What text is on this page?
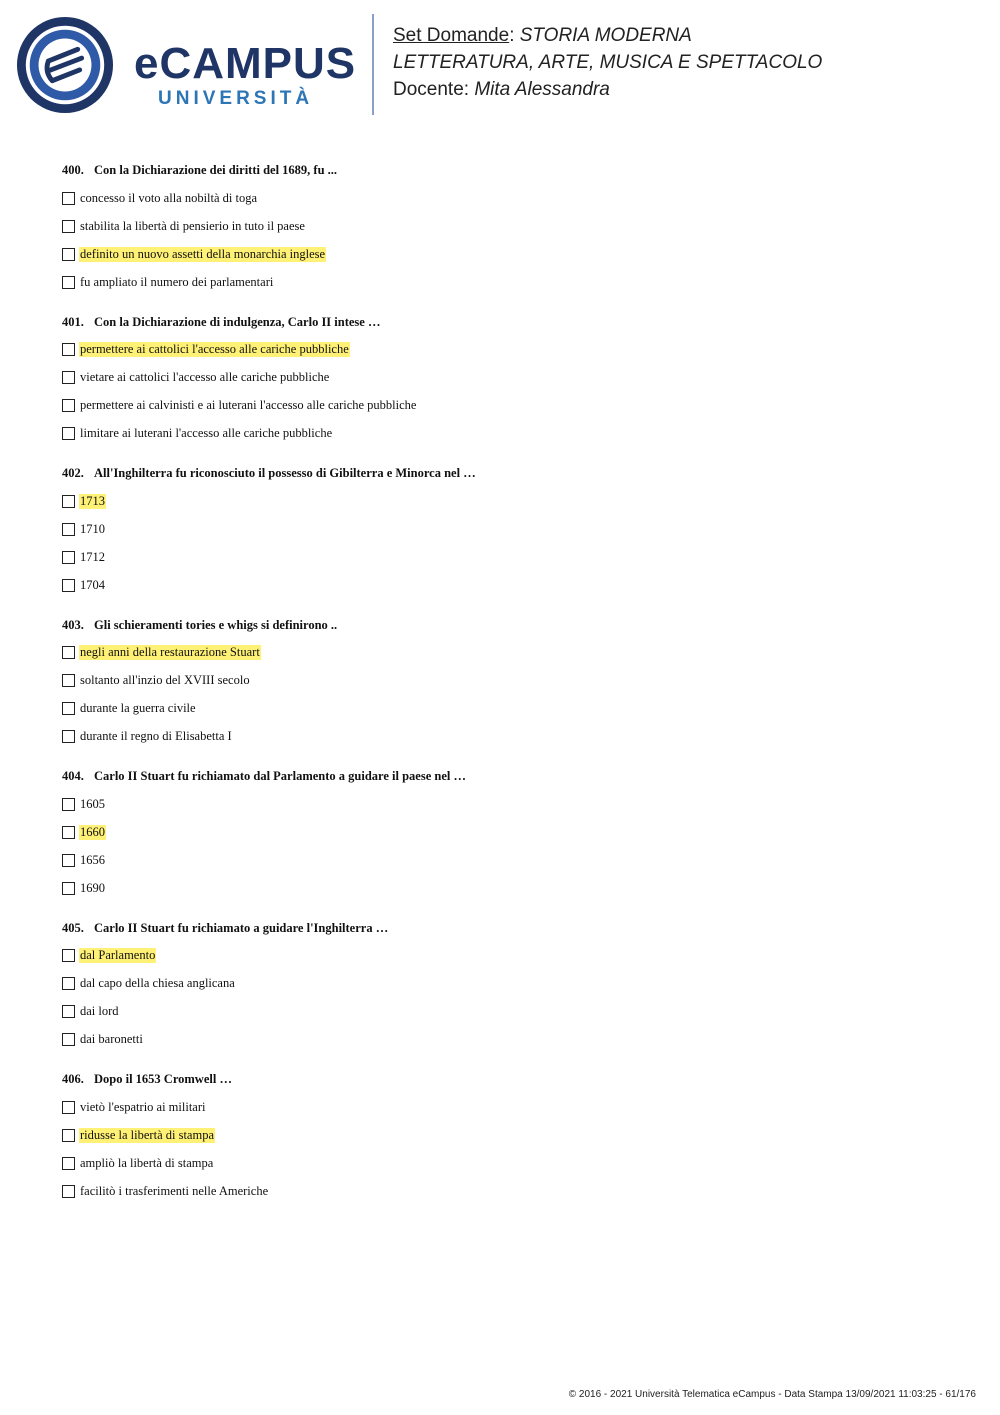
eCAMPUS
UNIVERSITÀ
Set Domande: STORIA MODERNA
LETTERATURA, ARTE, MUSICA E SPETTACOLO
Docente: Mita Alessandra
400. Con la Dichiarazione dei diritti del 1689, fu ...
concesso il voto alla nobiltà di toga
stabilita la libertà di pensierio in tuto il paese
definito un nuovo assetti della monarchia inglese
fu ampliato il numero dei parlamentari
401. Con la Dichiarazione di indulgenza, Carlo II intese …
permettere ai cattolici l'accesso alle cariche pubbliche
vietare ai cattolici l'accesso alle cariche pubbliche
permettere ai calvinisti e ai luterani l'accesso alle cariche pubbliche
limitare ai luterani l'accesso alle cariche pubbliche
402. All'Inghilterra fu riconosciuto il possesso di Gibilterra e Minorca nel …
1713
1710
1712
1704
403. Gli schieramenti tories e whigs si definirono ..
negli anni della restaurazione Stuart
soltanto all'inzio del XVIII secolo
durante la guerra civile
durante il regno di Elisabetta I
404. Carlo II Stuart fu richiamato dal Parlamento a guidare il paese nel …
1605
1660
1656
1690
405. Carlo II Stuart fu richiamato a guidare l'Inghilterra …
dal Parlamento
dal capo della chiesa anglicana
dai lord
dai baronetti
406. Dopo il 1653 Cromwell …
vietò l'espatrio ai militari
ridusse la libertà di stampa
ampliò la libertà di stampa
facilitò i trasferimenti nelle Americhe
© 2016 - 2021 Università Telematica eCampus - Data Stampa 13/09/2021 11:03:25 - 61/176
